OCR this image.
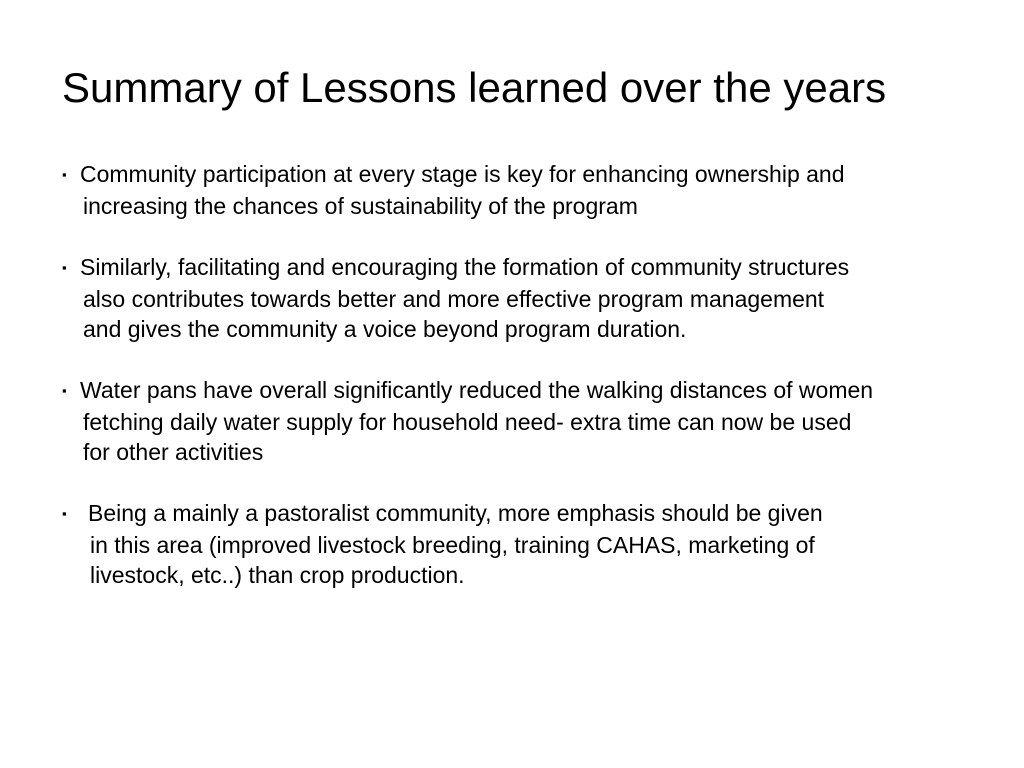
Summary of Lessons learned over the years
▪ Community participation at every stage is key for enhancing ownership and
increasing the chances of sustainability of the program
▪ Similarly, facilitating and encouraging the formation of community structures
also contributes towards better and more effective program management
and gives the community a voice beyond program duration.
▪ Water pans have overall significantly reduced the walking distances of women
fetching daily water supply for household need- extra time can now be used
for other activities
▪ Being a mainly a pastoralist community, more emphasis should be given
in this area (improved livestock breeding, training CAHAS, marketing of
livestock, etc..) than crop production.
